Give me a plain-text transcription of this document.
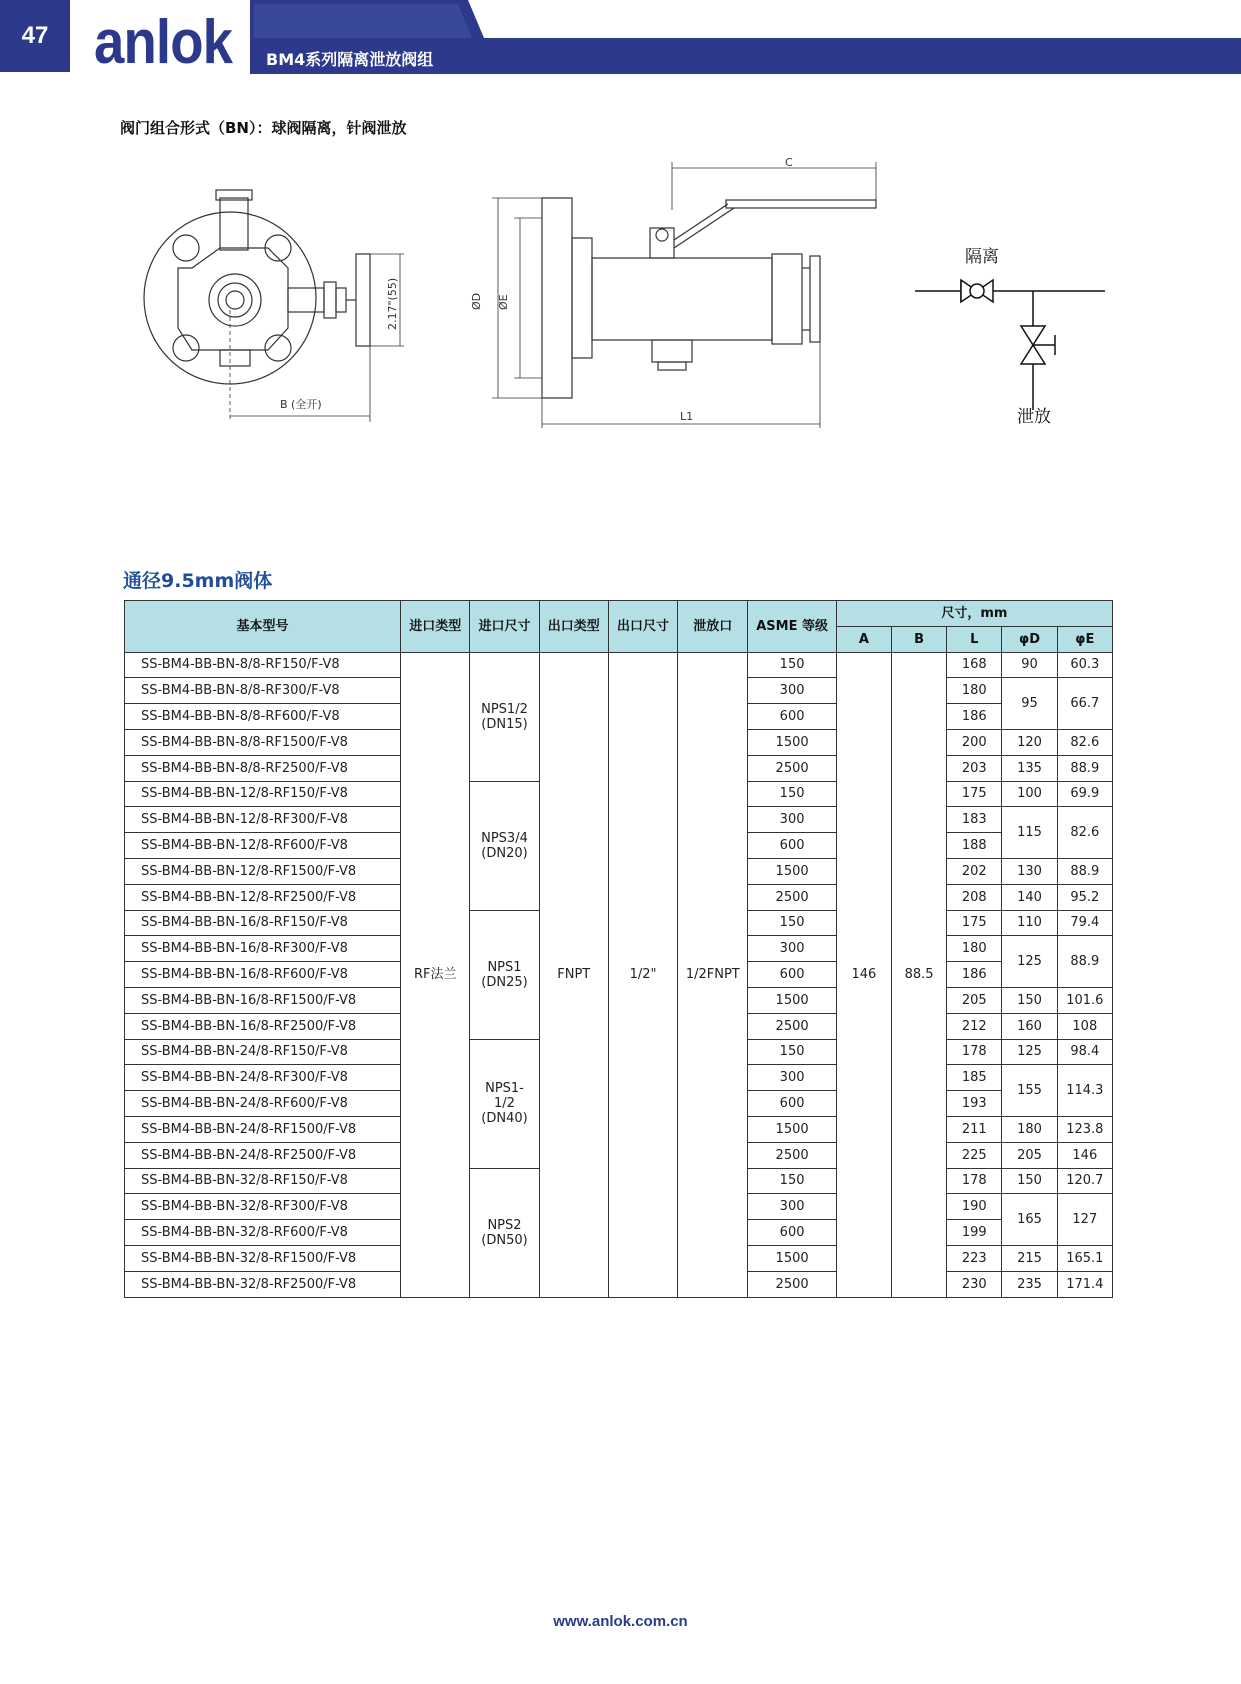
47 anlok BM4系列隔离泄放阀组
阀门组合形式（BN）：球阀隔离，针阀泄放
B (全开)
2.17"(55)
C
ØD ØE
L1
隔离
泄放
通径9.5mm阀体
基本型号	进口类型	进口尺寸	出口类型	出口尺寸	泄放口	ASME 等级	尺寸，mm				
							A	B	L	φD	φE
SS-BM4-BB-BN-8/8-RF150/F-V8	RF法兰	NPS1/2
(DN15)	FNPT	1/2"	1/2FNPT	150	146	88.5	168	90	60.3
SS-BM4-BB-BN-8/8-RF300/F-V8						300			180	95	66.7
SS-BM4-BB-BN-8/8-RF600/F-V8						600			186		
SS-BM4-BB-BN-8/8-RF1500/F-V8						1500			200	120	82.6
SS-BM4-BB-BN-8/8-RF2500/F-V8						2500			203	135	88.9
SS-BM4-BB-BN-12/8-RF150/F-V8		NPS3/4
(DN20)				150			175	100	69.9
SS-BM4-BB-BN-12/8-RF300/F-V8						300			183	115	82.6
SS-BM4-BB-BN-12/8-RF600/F-V8						600			188		
SS-BM4-BB-BN-12/8-RF1500/F-V8						1500			202	130	88.9
SS-BM4-BB-BN-12/8-RF2500/F-V8						2500			208	140	95.2
SS-BM4-BB-BN-16/8-RF150/F-V8		NPS1
(DN25)				150			175	110	79.4
SS-BM4-BB-BN-16/8-RF300/F-V8						300			180	125	88.9
SS-BM4-BB-BN-16/8-RF600/F-V8						600			186		
SS-BM4-BB-BN-16/8-RF1500/F-V8						1500			205	150	101.6
SS-BM4-BB-BN-16/8-RF2500/F-V8						2500			212	160	108
SS-BM4-BB-BN-24/8-RF150/F-V8		NPS1-
1/2
(DN40)				150			178	125	98.4
SS-BM4-BB-BN-24/8-RF300/F-V8						300			185	155	114.3
SS-BM4-BB-BN-24/8-RF600/F-V8						600			193		
SS-BM4-BB-BN-24/8-RF1500/F-V8						1500			211	180	123.8
SS-BM4-BB-BN-24/8-RF2500/F-V8						2500			225	205	146
SS-BM4-BB-BN-32/8-RF150/F-V8		NPS2
(DN50)				150			178	150	120.7
SS-BM4-BB-BN-32/8-RF300/F-V8						300			190	165	127
SS-BM4-BB-BN-32/8-RF600/F-V8						600			199		
SS-BM4-BB-BN-32/8-RF1500/F-V8						1500			223	215	165.1
SS-BM4-BB-BN-32/8-RF2500/F-V8						2500			230	235	171.4
www.anlok.com.cn
